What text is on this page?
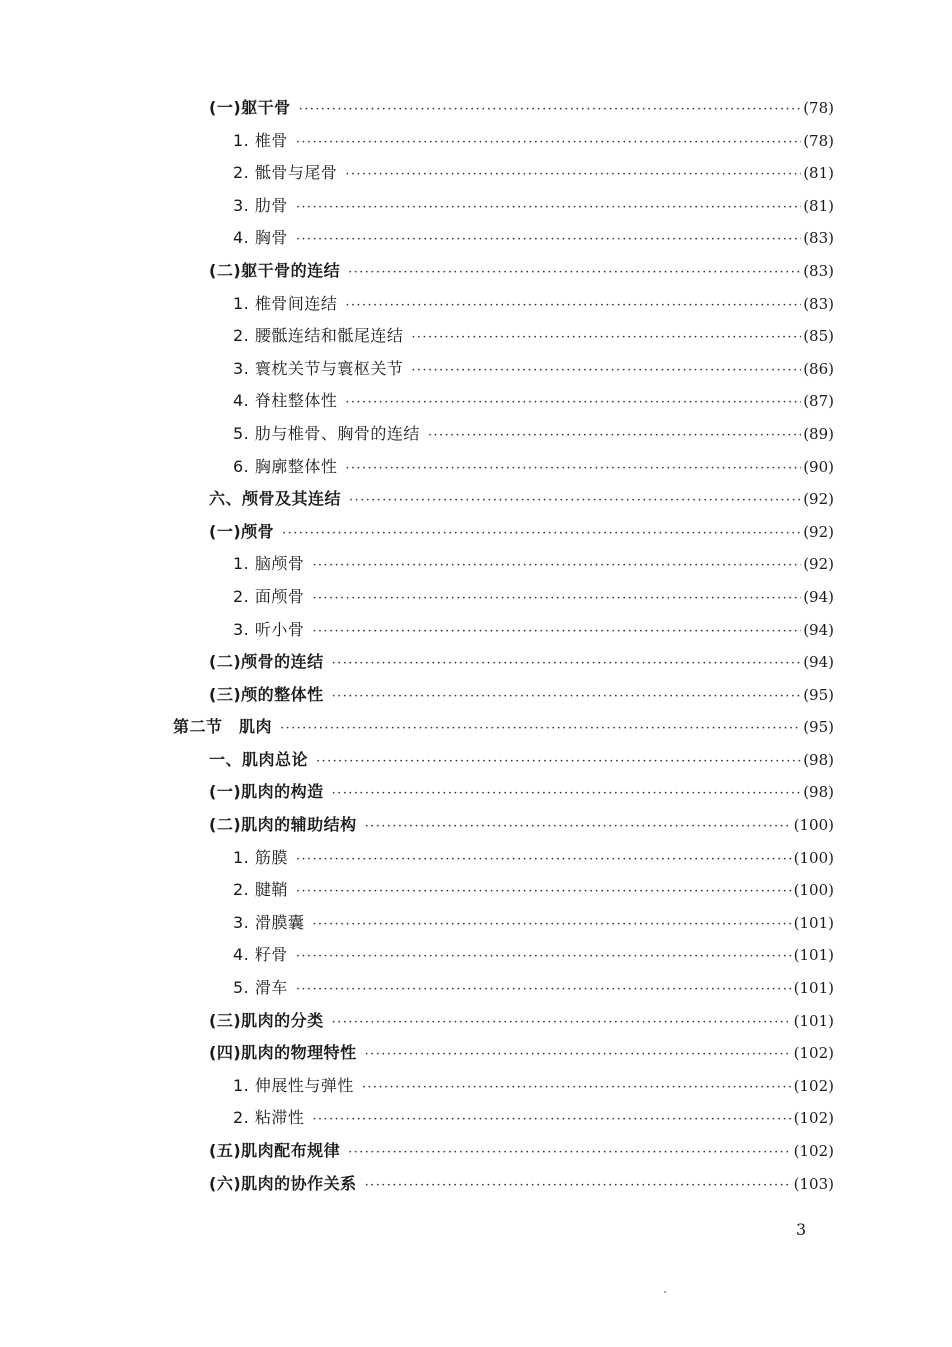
(一)躯干骨 ·····	(78)
1. 椎骨 ·····	(78)
2. 骶骨与尾骨 ·····	(81)
3. 肋骨 ·····	(81)
4. 胸骨 ·····	(83)
(二)躯干骨的连结 ·····	(83)
1. 椎骨间连结 ·····	(83)
2. 腰骶连结和骶尾连结 ·····	(85)
3. 寰枕关节与寰枢关节 ·····	(86)
4. 脊柱整体性 ·····	(87)
5. 肋与椎骨、胸骨的连结 ·····	(89)
6. 胸廓整体性 ·····	(90)
六、颅骨及其连结 ·····	(92)
(一)颅骨 ·····	(92)
1. 脑颅骨 ·····	(92)
2. 面颅骨 ·····	(94)
3. 听小骨 ·····	(94)
(二)颅骨的连结 ·····	(94)
(三)颅的整体性 ·····	(95)
第二节　肌肉 ·····	(95)
一、肌肉总论 ·····	(98)
(一)肌肉的构造 ·····	(98)
(二)肌肉的辅助结构 ·····	(100)
1. 筋膜 ·····	(100)
2. 腱鞘 ·····	(100)
3. 滑膜囊 ·····	(101)
4. 籽骨 ·····	(101)
5. 滑车 ·····	(101)
(三)肌肉的分类 ·····	(101)
(四)肌肉的物理特性 ·····	(102)
1. 伸展性与弹性 ·····	(102)
2. 粘滞性 ·····	(102)
(五)肌肉配布规律 ·····	(102)
(六)肌肉的协作关系 ·····	(103)
3
